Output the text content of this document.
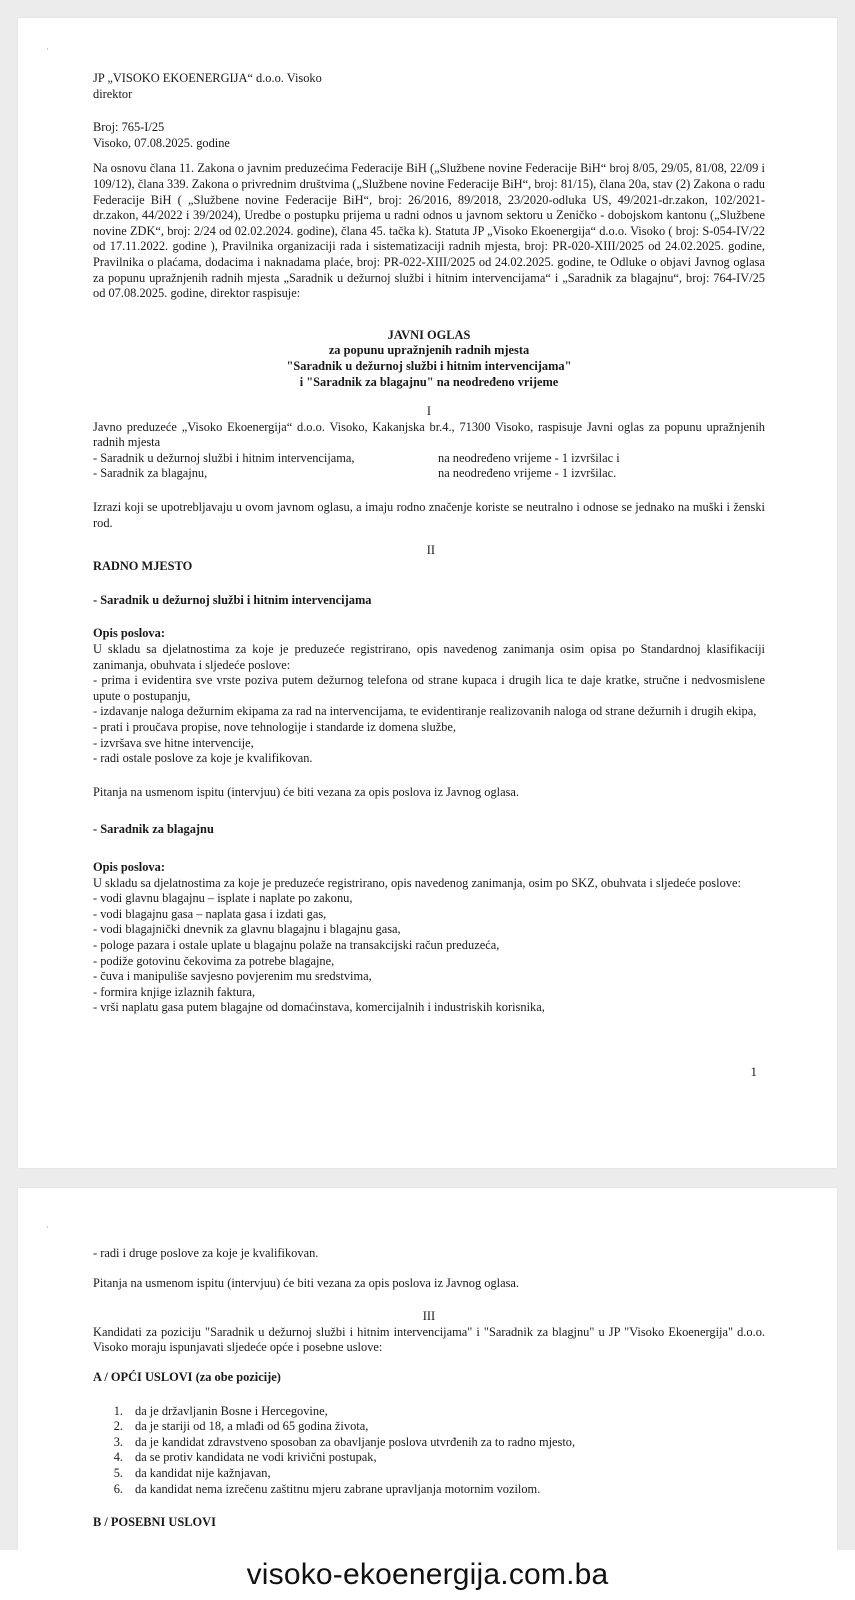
JP „VISOKO EKOENERGIJA“ d.o.o. Visoko

direktor

Broj: 765-I/25

Visoko, 07.08.2025. godine

Na osnovu člana 11. Zakona o javnim preduzećima Federacije BiH („Službene novine Federacije BiH“ broj 8/05, 29/05, 81/08, 22/09 i 109/12), člana 339. Zakona o privrednim društvima („Službene novine Federacije BiH“, broj: 81/15), člana 20a, stav (2) Zakona o radu Federacije BiH ( „Službene novine Federacije BiH“, broj: 26/2016, 89/2018, 23/2020-odluka US, 49/2021-dr.zakon, 102/2021-dr.zakon, 44/2022 i 39/2024), Uredbe o postupku prijema u radni odnos u javnom sektoru u Zeničko - dobojskom kantonu („Službene novine ZDK“, broj: 2/24 od 02.02.2024. godine), člana 45. tačka k). Statuta JP „Visoko Ekoenergija“ d.o.o. Visoko ( broj: S-054-IV/22 od 17.11.2022. godine ), Pravilnika organizaciji rada i sistematizaciji radnih mjesta, broj: PR-020-XIII/2025 od 24.02.2025. godine, Pravilnika o plaćama, dodacima i naknadama plaće, broj: PR-022-XIII/2025 od 24.02.2025. godine, te Odluke o objavi Javnog oglasa za popunu upražnjenih radnih mjesta „Saradnik u dežurnoj službi i hitnim intervencijama“ i „Saradnik za blagajnu“, broj: 764-IV/25 od 07.08.2025. godine, direktor raspisuje:

JAVNI OGLAS

za popunu upražnjenih radnih mjesta

"Saradnik u dežurnoj službi i hitnim intervencijama"

i "Saradnik za blagajnu" na neodređeno vrijeme

I

Javno preduzeće „Visoko Ekoenergija“ d.o.o. Visoko, Kakanjska br.4., 71300 Visoko, raspisuje Javni oglas za popunu upražnjenih radnih mjesta

- Saradnik u dežurnoj službi i hitnim intervencijama,	na neodređeno vrijeme - 1 izvršilac i
- Saradnik za blagajnu,	na neodređeno vrijeme - 1 izvršilac.

Izrazi koji se upotrebljavaju u ovom javnom oglasu, a imaju rodno značenje koriste se neutralno i odnose se jednako na muški i ženski rod.

II

RADNO MJESTO

- Saradnik u dežurnoj službi i hitnim intervencijama

Opis poslova:

U skladu sa djelatnostima za koje je preduzeće registrirano, opis navedenog zanimanja osim opisa po Standardnoj klasifikaciji zanimanja, obuhvata i sljedeće poslove:

- prima i evidentira sve vrste poziva putem dežurnog telefona od strane kupaca i drugih lica te daje kratke, stručne i nedvosmislene upute o postupanju,

- izdavanje naloga dežurnim ekipama za rad na intervencijama, te evidentiranje realizovanih naloga od strane dežurnih i drugih ekipa,

- prati i proučava propise, nove tehnologije i standarde iz domena službe,

- izvršava sve hitne intervencije,

- radi ostale poslove za koje je kvalifikovan.

Pitanja na usmenom ispitu (intervjuu) će biti vezana za opis poslova iz Javnog oglasa.

- Saradnik za blagajnu

Opis poslova:

U skladu sa djelatnostima za koje je preduzeće registrirano, opis navedenog zanimanja, osim po SKZ, obuhvata i sljedeće poslove:

- vodi glavnu blagajnu – isplate i naplate po zakonu,

- vodi blagajnu gasa – naplata gasa i izdati gas,

- vodi blagajnički dnevnik za glavnu blagajnu i blagajnu gasa,

- pologe pazara i ostale uplate u blagajnu polaže na transakcijski račun preduzeća,

- podiže gotovinu čekovima za potrebe blagajne,

- čuva i manipuliše savjesno povjerenim mu sredstvima,

- formira knjige izlaznih faktura,

- vrši naplatu gasa putem blagajne od domaćinstava, komercijalnih i industriskih korisnika,

1
·

- radi i druge poslove za koje je kvalifikovan.

Pitanja na usmenom ispitu (intervjuu) će biti vezana za opis poslova iz Javnog oglasa.

III

Kandidati za poziciju "Saradnik u dežurnoj službi i hitnim intervencijama" i "Saradnik za blagjnu" u JP "Visoko Ekoenergija" d.o.o. Visoko moraju ispunjavati sljedeće opće i posebne uslove:

A / OPĆI USLOVI (za obe pozicije)

1. da je državljanin Bosne i Hercegovine,
2. da je stariji od 18, a mlađi od 65 godina života,
3. da je kandidat zdravstveno sposoban za obavljanje poslova utvrđenih za to radno mjesto,
4. da se protiv kandidata ne vodi krivični postupak,
5. da kandidat nije kažnjavan,
6. da kandidat nema izrečenu zaštitnu mjeru zabrane upravljanja motornim vozilom.

B / POSEBNI USLOVI

·
visoko-ekoenergija.com.ba
